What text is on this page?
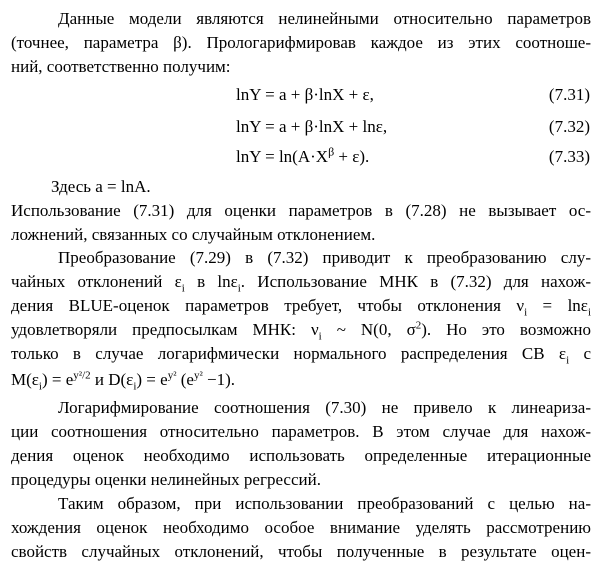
Данные модели являются нелинейными относительно параметров
(точнее, параметра β). Прологарифмировав каждое из этих соотноше-
ний, соответственно получим:
lnY = a + β·lnX + ε,	(7.31)
lnY = a + β·lnX + lnε,	(7.32)
$\ln Y = \ln(A\cdot X^\beta + \varepsilon)$.	(7.33)
Здесь a = lnA.
Использование (7.31) для оценки параметров в (7.28) не вызывает ос-
ложнений, связанных со случайным отклонением.
Преобразование (7.29) в (7.32) приводит к преобразованию слу-
чайных отклонений $\varepsilon_i$ в lnε$_i$. Использование МНК в (7.32) для нахож-
дения BLUE-оценок параметров требует, чтобы отклонения $\nu_i = \ln\varepsilon_i$
удовлетворяли предпосылкам МНК: $\nu_i$ ~ N(0, $\sigma^2$). Но это возможно
только в случае логарифмически нормального распределения СВ $\varepsilon_i$ с
$M(\varepsilon_i) = e^{y^2/2}$ и $D(\varepsilon_i) = e^{y^2}$ $(e^{y^2} -1)$.
Логарифмирование соотношения (7.30) не привело к линеариза-
ции соотношения относительно параметров. В этом случае для нахож-
дения оценок необходимо использовать определенные итерационные
процедуры оценки нелинейных регрессий.
Таким образом, при использовании преобразований с целью на-
хождения оценок необходимо особое внимание уделять рассмотрению
свойств случайных отклонений, чтобы полученные в результате оцен-
